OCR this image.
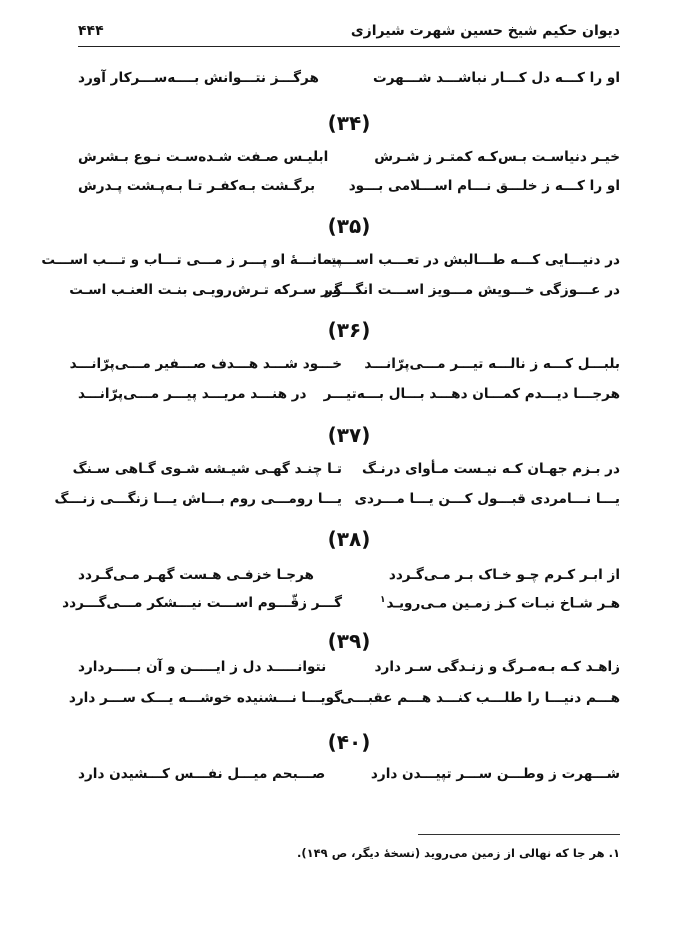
۴۴۴	دیوان حکیم شیخ حسین شهرت شیرازی
او را کـــه دل کـــار نباشـــد شـــهرت
هرگـــز نتـــوانش بــــه‌ســـرکار آورد
(۳۴)
خیـر دنیاسـت بـس‌کـه کمتـر ز شـرش
ابلیـس صـفت شـده‌سـت نـوع بـشرش
او را کـــه ز خلـــق نـــام اســـلامی بـــود
برگـشت بـه‌کفـر تـا بـه‌پـشت پـدرش
(۳۵)
در دنیـــایی کـــه طـــالبش در تعـــب اســـت
پیمانـــهٔ او پـــر ز مـــی تـــاب و تـــب اســـت
در عـــوزگی خـــویش مـــویز اســـت انگـــور
گـر سـرکه تـرش‌رویـی بنـت العنـب اسـت
(۳۶)
بلبـــل کـــه ز نالـــه تیـــر مـــی‌پرّانـــد
خـــود شـــد هـــدف صـــفیر مـــی‌پرّانـــد
هرجـــا دیـــدم کمـــان دهـــد بـــال بـــه‌تیـــر
در هنـــد مریـــد پیـــر مـــی‌پرّانـــد
(۳۷)
در بـزم جهـان کـه نیـست مـأوای درنـگ
تـا چنـد گهـی شیـشه شـوی گـاهی سـنگ
یـــا نـــامردی قبـــول کـــن یـــا مـــردی
یـــا رومـــی روم بـــاش یـــا زنگـــی زنـــگ
(۳۸)
از ابـر کـرم چـو خـاک بـر مـی‌گـردد
هرجـا خزفـی هـست گهـر مـی‌گـردد
هـر شـاخ نبـات کـز زمـین مـی‌رویـد$^۱$
گـــر زقّـــوم اســـت نیـــشکر مـــی‌گـــردد
(۳۹)
زاهـد کـه بـه‌مـرگ و زنـدگی سـر دارد
نتوانـــــد دل ز ایـــــن و آن بـــــردارد
هـــم دنیـــا را طلـــب کنـــد هـــم عقبـــی
گویـــا نـــشنیده خوشـــه یـــک ســـر دارد
(۴۰)
شـــهرت ز وطـــن ســـر تپیـــدن دارد
صـــبحم میـــل نفـــس کـــشیدن دارد
۱. هر جا که نهالی از زمین می‌روید (نسخهٔ دیگر، ص ۱۴۹).
